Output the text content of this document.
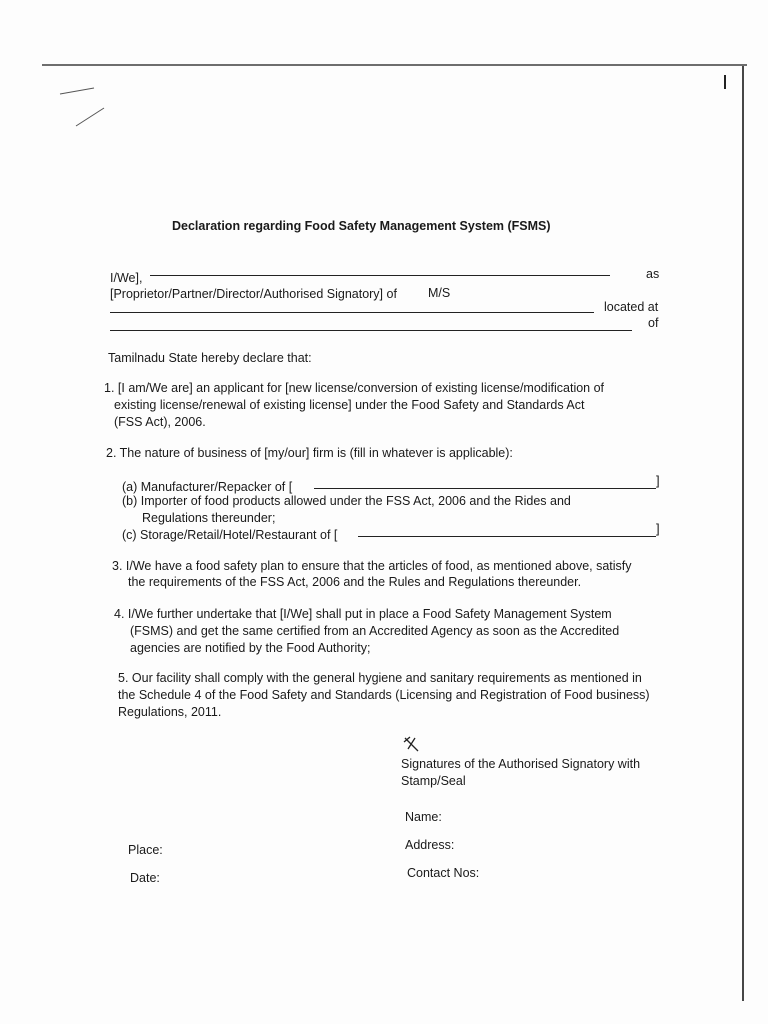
Declaration regarding Food Safety Management System (FSMS)
I/We],	as
[Proprietor/Partner/Director/Authorised Signatory] of M/S
located at
of
Tamilnadu State hereby declare that:
1. [I am/We are] an applicant for [new license/conversion of existing license/modification of
existing license/renewal of existing license] under the Food Safety and Standards Act
(FSS Act), 2006.
2. The nature of business of [my/our] firm is (fill in whatever is applicable):
(a) Manufacturer/Repacker of [	]
(b) Importer of food products allowed under the FSS Act, 2006 and the Rides and
Regulations thereunder;
(c) Storage/Retail/Hotel/Restaurant of [	]
3. I/We have a food safety plan to ensure that the articles of food, as mentioned above, satisfy
the requirements of the FSS Act, 2006 and the Rules and Regulations thereunder.
4. I/We further undertake that [I/We] shall put in place a Food Safety Management System
(FSMS) and get the same certified from an Accredited Agency as soon as the Accredited
agencies are notified by the Food Authority;
5. Our facility shall comply with the general hygiene and sanitary requirements as mentioned in
the Schedule 4 of the Food Safety and Standards (Licensing and Registration of Food business)
Regulations, 2011.
Signatures of the Authorised Signatory with
Stamp/Seal
Name:
Address:
Contact Nos:
Place:
Date:
